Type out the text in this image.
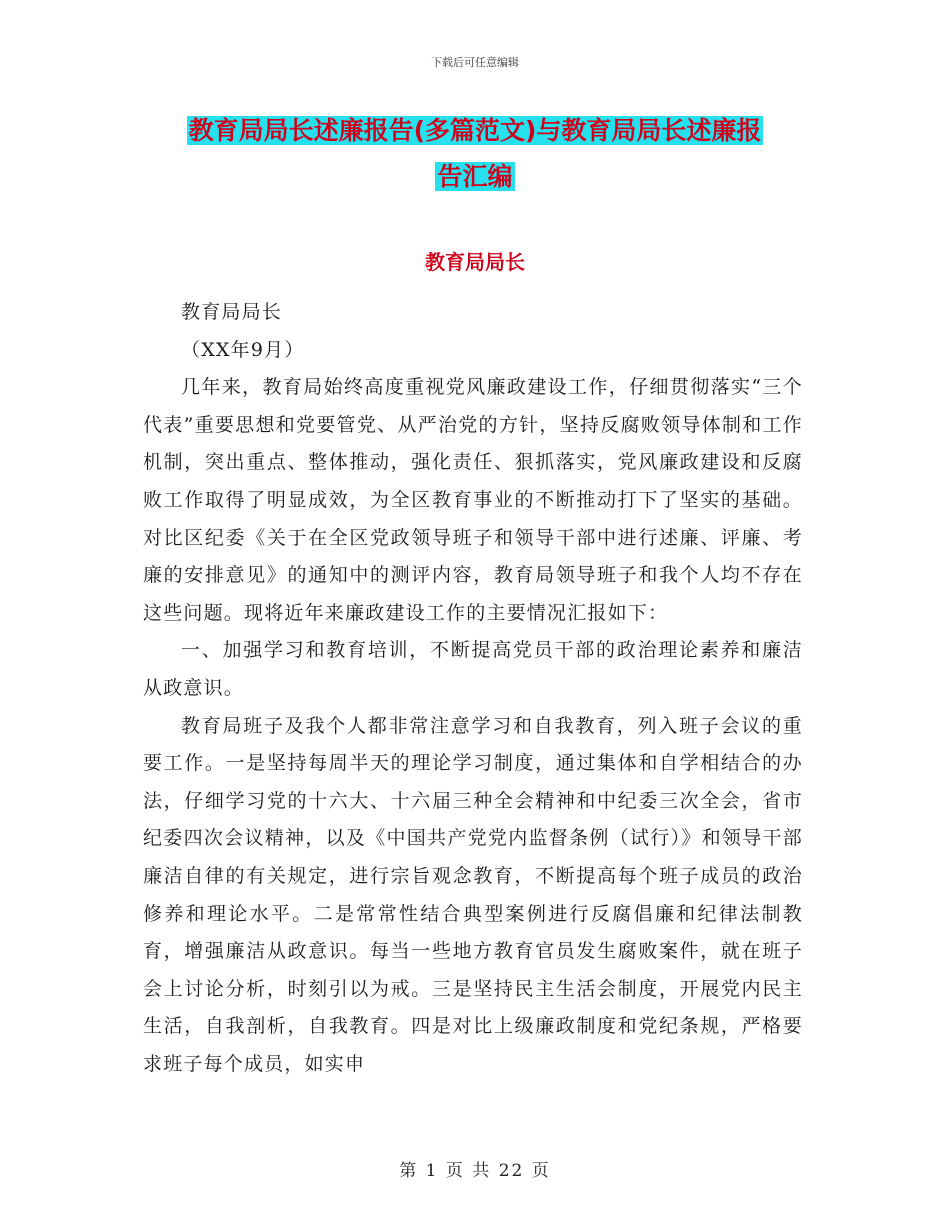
下载后可任意编辑
教育局局长述廉报告(多篇范文)与教育局局长述廉报
告汇编
教育局局长

教育局局长

（XX年9月）

几年来，教育局始终高度重视党风廉政建设工作，仔细贯彻落实“三个代表”重要思想和党要管党、从严治党的方针，坚持反腐败领导体制和工作机制，突出重点、整体推动，强化责任、狠抓落实，党风廉政建设和反腐败工作取得了明显成效，为全区教育事业的不断推动打下了坚实的基础。对比区纪委《关于在全区党政领导班子和领导干部中进行述廉、评廉、考廉的安排意见》的通知中的测评内容，教育局领导班子和我个人均不存在这些问题。现将近年来廉政建设工作的主要情况汇报如下：

一、加强学习和教育培训，不断提高党员干部的政治理论素养和廉洁从政意识。

教育局班子及我个人都非常注意学习和自我教育，列入班子会议的重要工作。一是坚持每周半天的理论学习制度，通过集体和自学相结合的办法，仔细学习党的十六大、十六届三种全会精神和中纪委三次全会，省市纪委四次会议精神，以及《中国共产党党内监督条例（试行）》和领导干部廉洁自律的有关规定，进行宗旨观念教育，不断提高每个班子成员的政治修养和理论水平。二是常常性结合典型案例进行反腐倡廉和纪律法制教育，增强廉洁从政意识。每当一些地方教育官员发生腐败案件，就在班子会上讨论分析，时刻引以为戒。三是坚持民主生活会制度，开展党内民主生活，自我剖析，自我教育。四是对比上级廉政制度和党纪条规，严格要求班子每个成员，如实申

第 1 页 共 22 页
